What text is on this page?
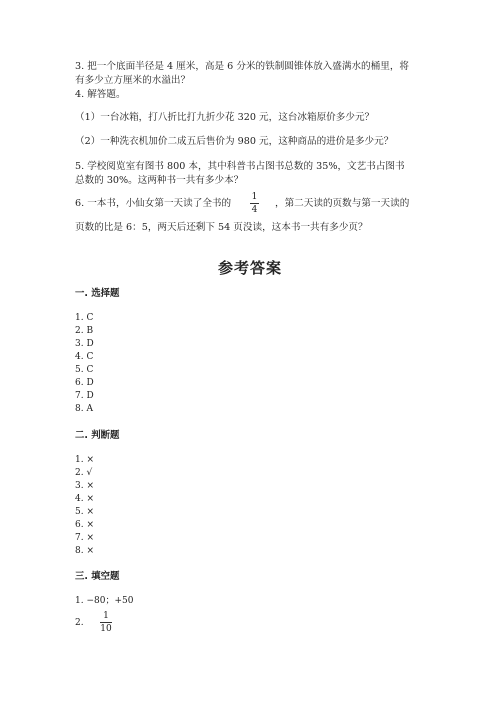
3. 把一个底面半径是 4 厘米，高是 6 分米的铁制圆锥体放入盛满水的桶里，将
有多少立方厘米的水溢出？
4. 解答题。
（1）一台冰箱，打八折比打九折少花 320 元，这台冰箱原价多少元？
（2）一种洗衣机加价二成五后售价为 980 元，这种商品的进价是多少元？
5. 学校阅览室有图书 800 本，其中科普书占图书总数的 35%，文艺书占图书
总数的 30%。这两种书一共有多少本？
6. 一本书，小仙女第一天读了全书的
1
4
，第二天读的页数与第一天读的
页数的比是 6：5，两天后还剩下 54 页没读，这本书一共有多少页？
参考答案
一. 选择题
1. C
2. B
3. D
4. C
5. C
6. D
7. D
8. A
二. 判断题
1. ×
2. √
3. ×
4. ×
5. ×
6. ×
7. ×
8. ×
三. 填空题
1. −80；+50
2.
1
10
